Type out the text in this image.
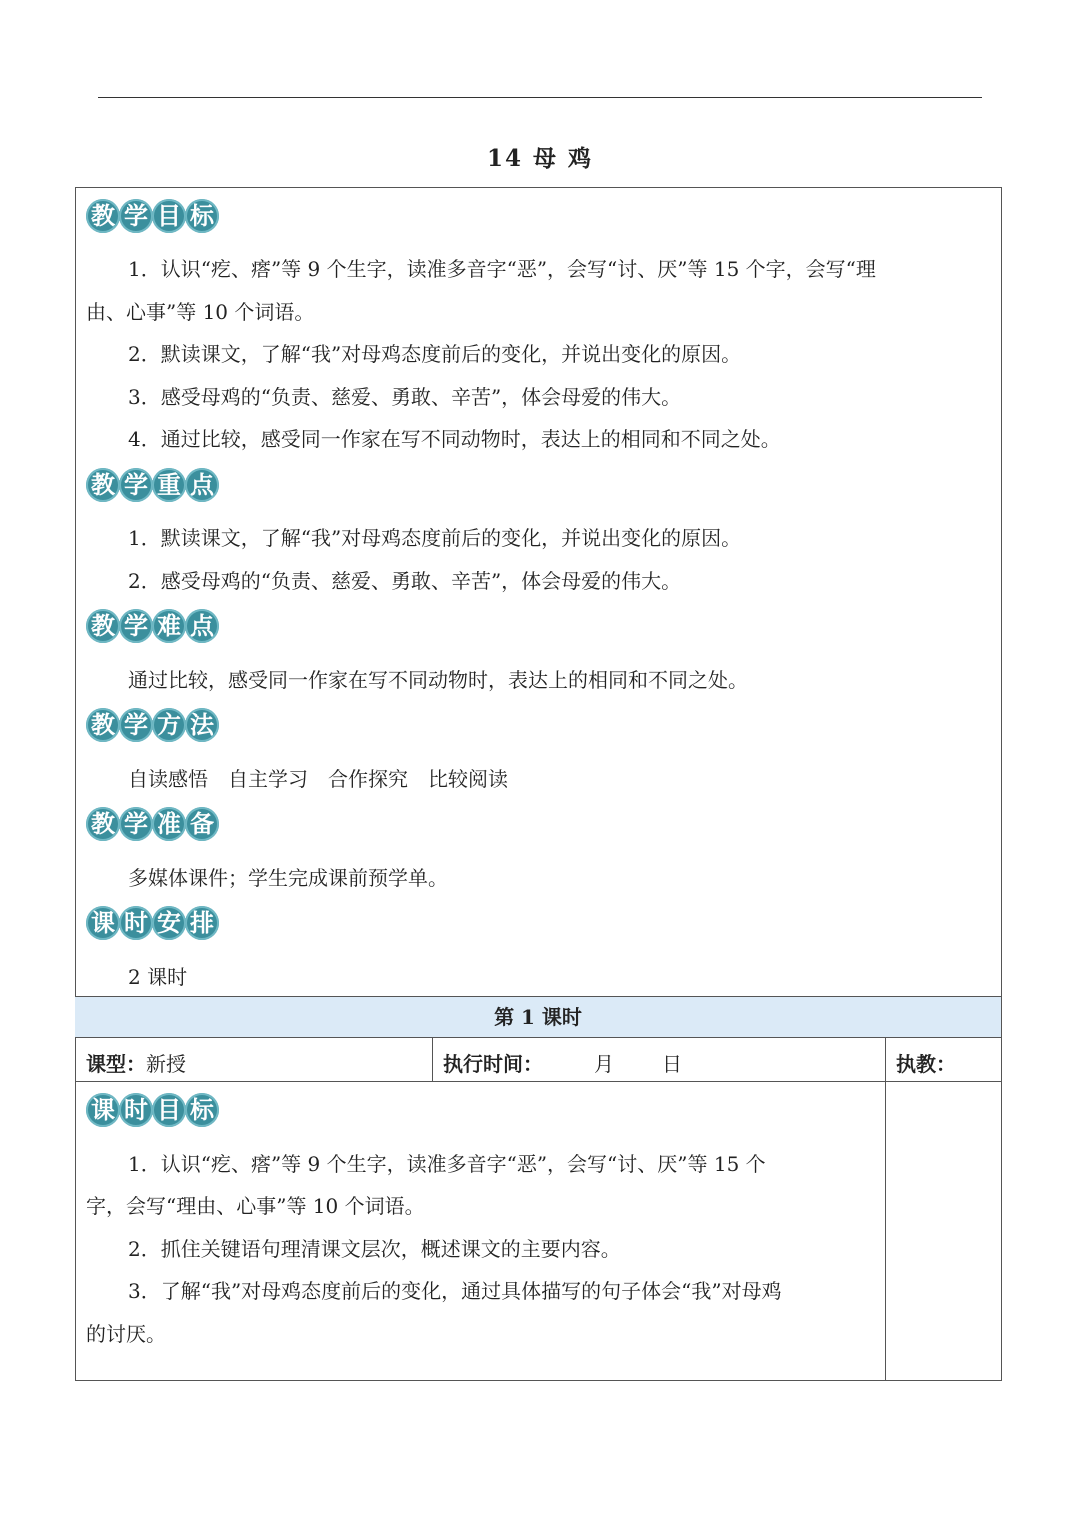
14 母 鸡
教 学 目 标
1．认识“疙、瘩”等 9 个生字，读准多音字“恶”，会写“讨、厌”等 15 个字，会写“理
由、心事”等 10 个词语。
2．默读课文，了解“我”对母鸡态度前后的变化，并说出变化的原因。
3．感受母鸡的“负责、慈爱、勇敢、辛苦”，体会母爱的伟大。
4．通过比较，感受同一作家在写不同动物时，表达上的相同和不同之处。
教 学 重 点
1．默读课文，了解“我”对母鸡态度前后的变化，并说出变化的原因。
2．感受母鸡的“负责、慈爱、勇敢、辛苦”，体会母爱的伟大。
教 学 难 点
通过比较，感受同一作家在写不同动物时，表达上的相同和不同之处。
教 学 方 法
自读感悟　自主学习　合作探究　比较阅读
教 学 准 备
多媒体课件；学生完成课前预学单。
课 时 安 排
2 课时
第 1 课时
课型：新授	执行时间：	月 日	执教：
课 时 目 标
1．认识“疙、瘩”等 9 个生字，读准多音字“恶”，会写“讨、厌”等 15 个
字，会写“理由、心事”等 10 个词语。
2．抓住关键语句理清课文层次，概述课文的主要内容。
3．了解“我”对母鸡态度前后的变化，通过具体描写的句子体会“我”对母鸡
的讨厌。
